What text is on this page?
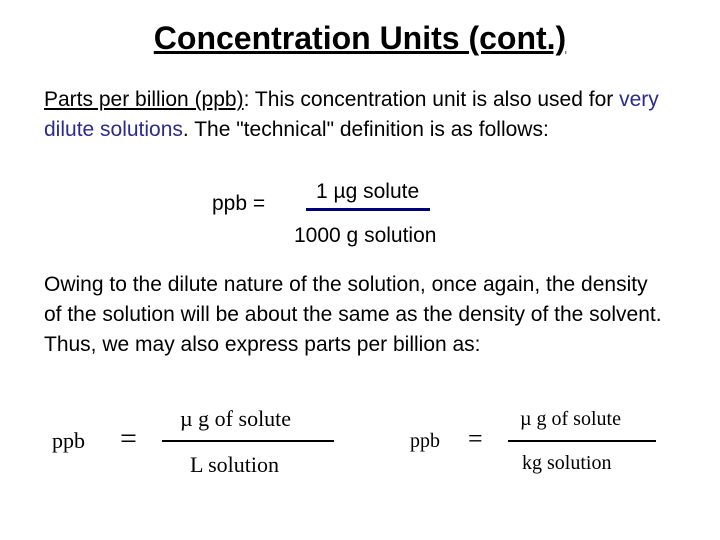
Concentration Units (cont.)
Parts per billion (ppb): This concentration unit is also used for very dilute solutions. The "technical" definition is as follows:
ppb =
1 µg solute
1000 g solution
Owing to the dilute nature of the solution, once again, the density of the solution will be about the same as the density of the solvent. Thus, we may also express parts per billion as:
ppb =
µ g of solute
L solution
ppb =
µ g of solute
kg solution
